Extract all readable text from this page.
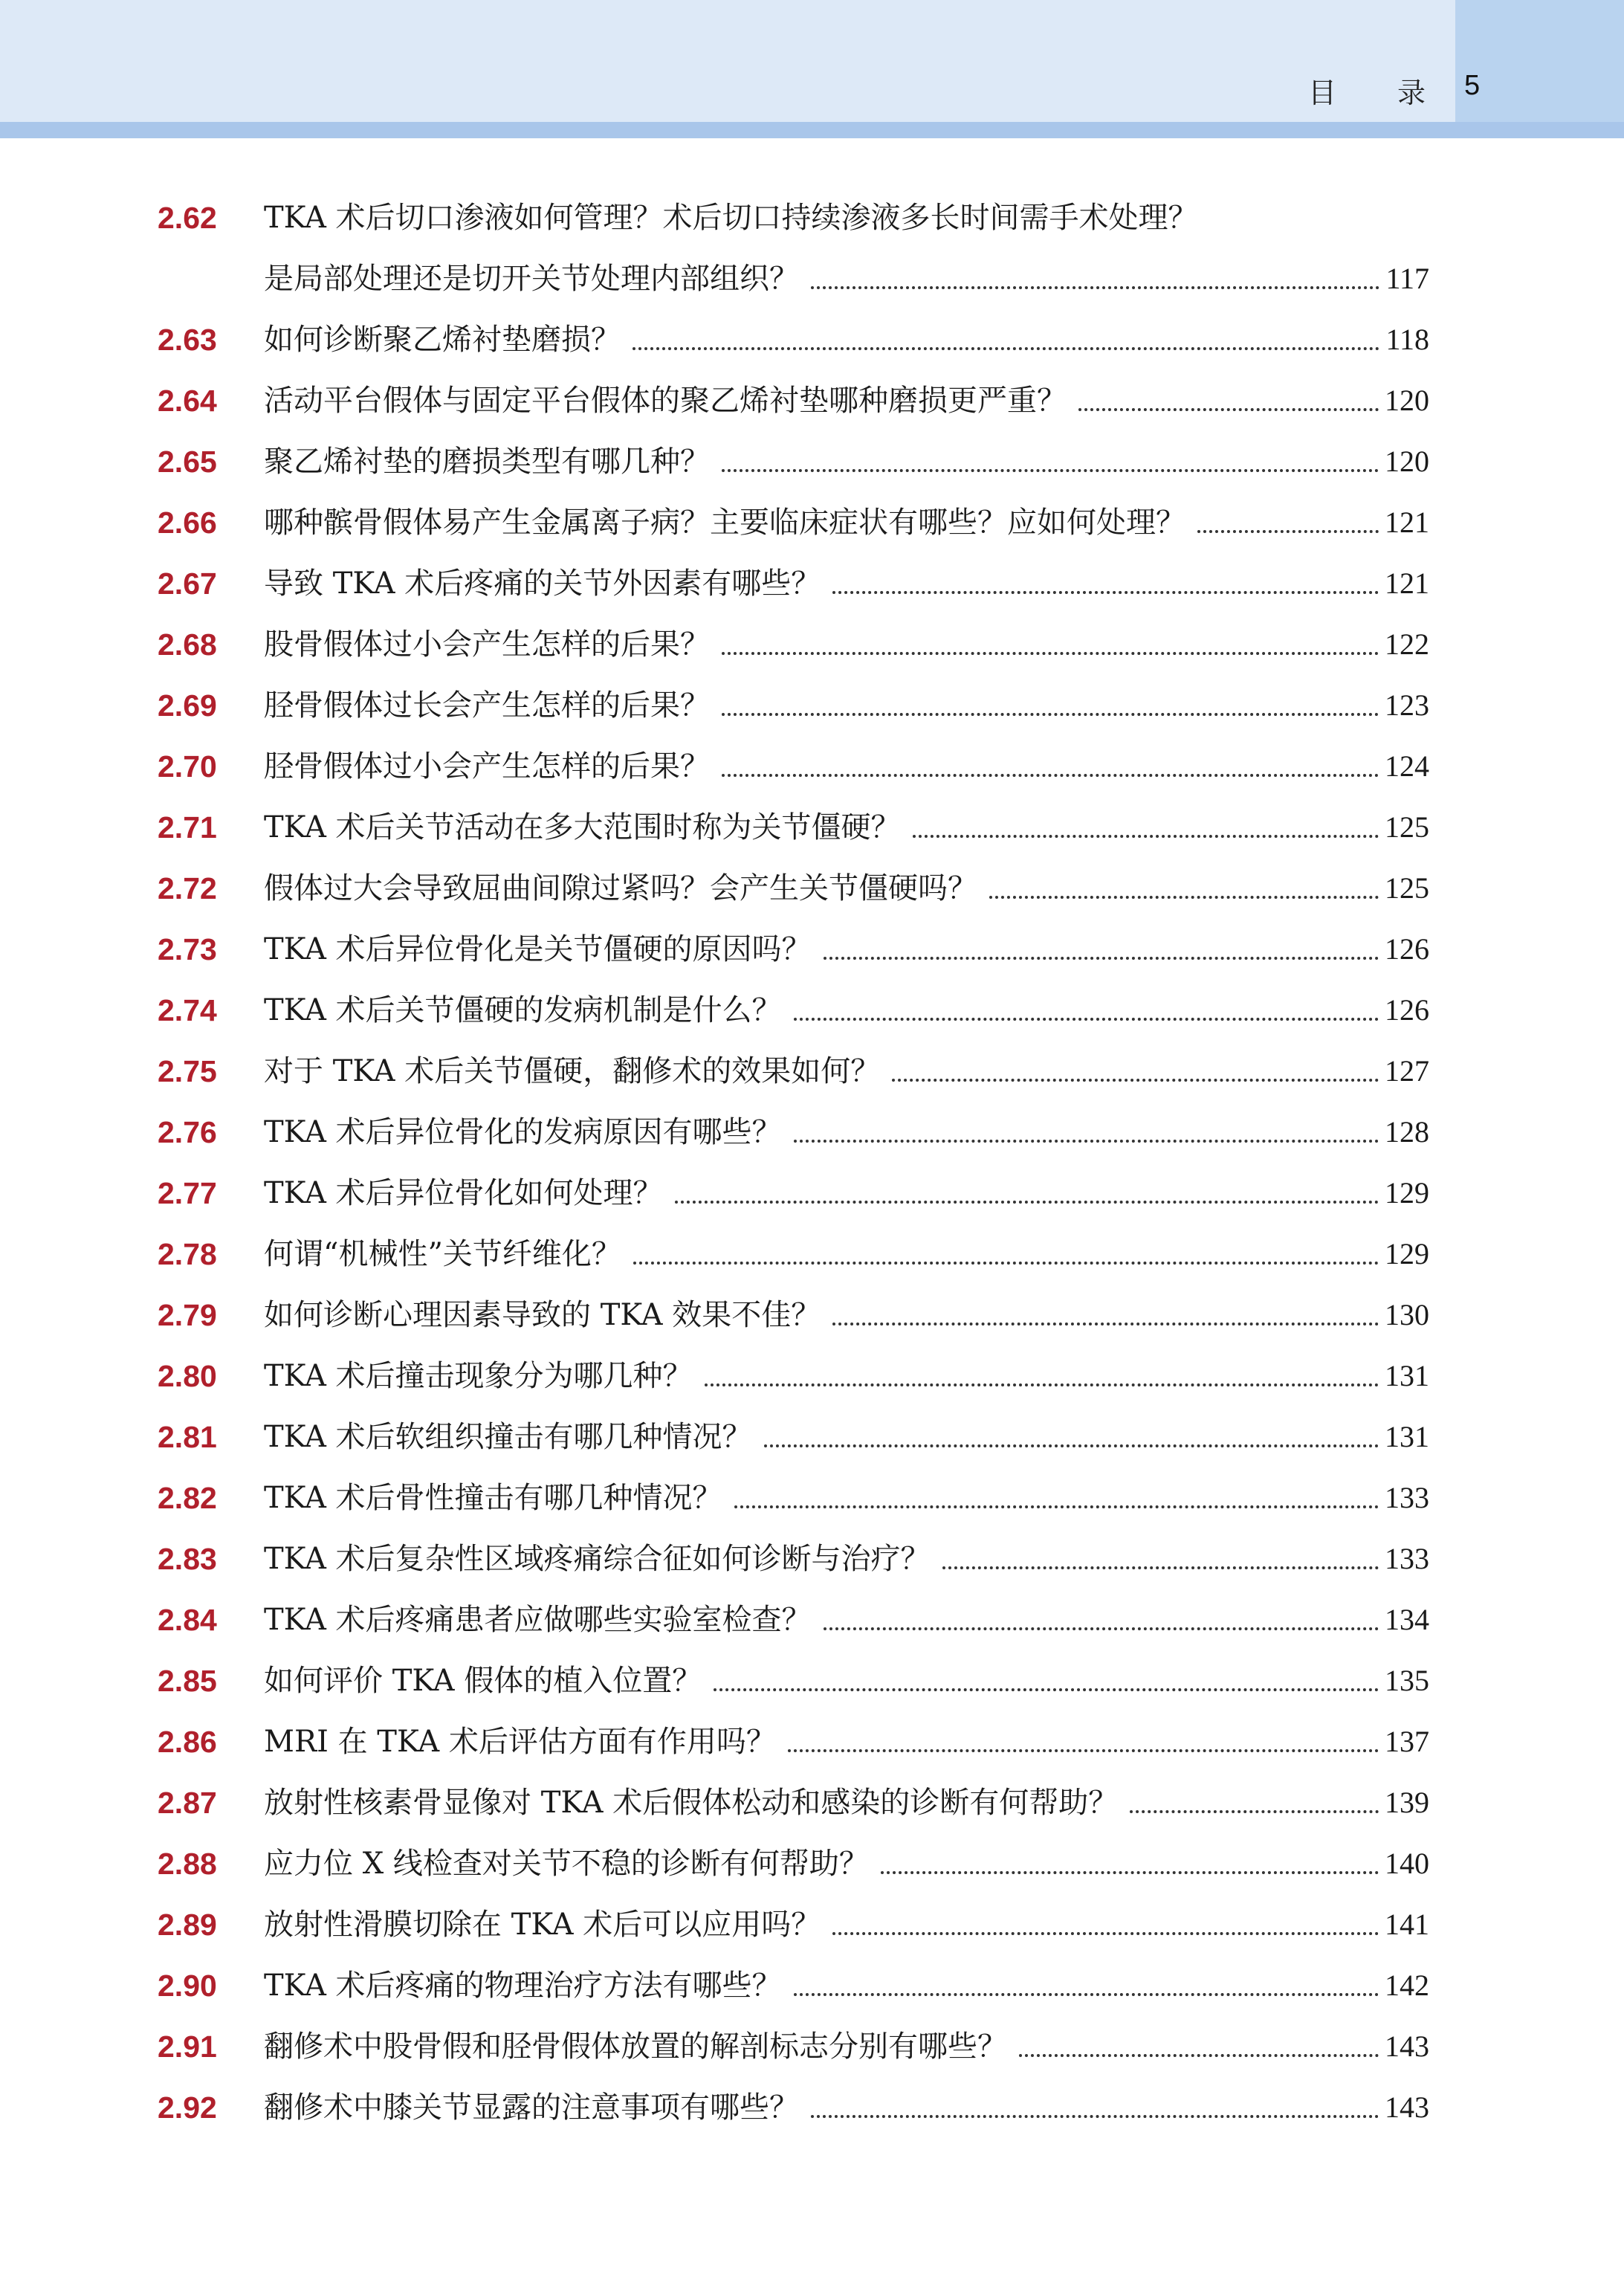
目 录 5
2.62 TKA 术后切口渗液如何管理？术后切口持续渗液多长时间需手术处理？
是局部处理还是切开关节处理内部组织？	117
2.63 如何诊断聚乙烯衬垫磨损？	118
2.64 活动平台假体与固定平台假体的聚乙烯衬垫哪种磨损更严重？	120
2.65 聚乙烯衬垫的磨损类型有哪几种？	120
2.66 哪种髌骨假体易产生金属离子病？主要临床症状有哪些？应如何处理？	121
2.67 导致 TKA 术后疼痛的关节外因素有哪些？	121
2.68 股骨假体过小会产生怎样的后果？	122
2.69 胫骨假体过长会产生怎样的后果？	123
2.70 胫骨假体过小会产生怎样的后果？	124
2.71 TKA 术后关节活动在多大范围时称为关节僵硬？	125
2.72 假体过大会导致屈曲间隙过紧吗？会产生关节僵硬吗？	125
2.73 TKA 术后异位骨化是关节僵硬的原因吗？	126
2.74 TKA 术后关节僵硬的发病机制是什么？	126
2.75 对于 TKA 术后关节僵硬，翻修术的效果如何？	127
2.76 TKA 术后异位骨化的发病原因有哪些？	128
2.77 TKA 术后异位骨化如何处理？	129
2.78 何谓“机械性”关节纤维化？	129
2.79 如何诊断心理因素导致的 TKA 效果不佳？	130
2.80 TKA 术后撞击现象分为哪几种？	131
2.81 TKA 术后软组织撞击有哪几种情况？	131
2.82 TKA 术后骨性撞击有哪几种情况？	133
2.83 TKA 术后复杂性区域疼痛综合征如何诊断与治疗？	133
2.84 TKA 术后疼痛患者应做哪些实验室检查？	134
2.85 如何评价 TKA 假体的植入位置？	135
2.86 MRI 在 TKA 术后评估方面有作用吗？	137
2.87 放射性核素骨显像对 TKA 术后假体松动和感染的诊断有何帮助？	139
2.88 应力位 X 线检查对关节不稳的诊断有何帮助？	140
2.89 放射性滑膜切除在 TKA 术后可以应用吗？	141
2.90 TKA 术后疼痛的物理治疗方法有哪些？	142
2.91 翻修术中股骨假和胫骨假体放置的解剖标志分别有哪些？	143
2.92 翻修术中膝关节显露的注意事项有哪些？	143
